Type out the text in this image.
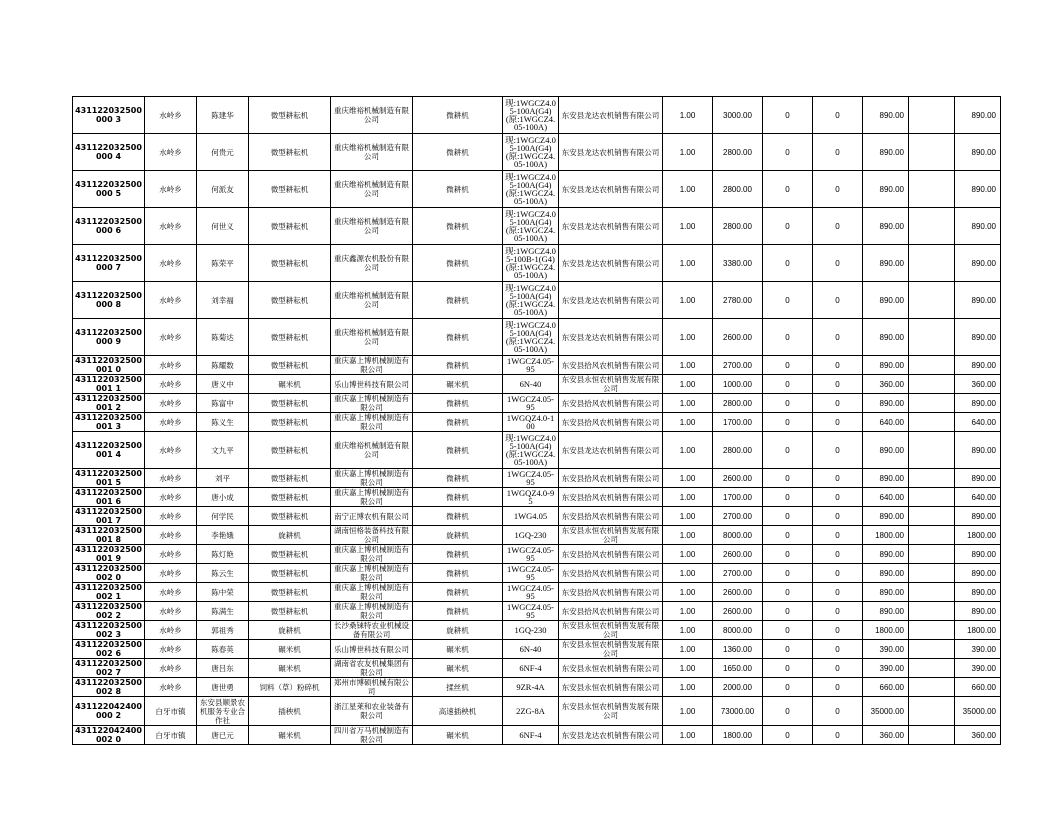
431122032500000 3	水岭乡	陈建华	微型耕耘机	重庆维裕机械制造有限公司	微耕机	现:1WGCZ4.05-100A(G4)(原:1WGCZ4.05-100A)	东安县龙达农机销售有限公司	1.00	3000.00	0	0	890.00		890.00
431122032500000 4	水岭乡	何贵元	微型耕耘机	重庆维裕机械制造有限公司	微耕机	现:1WGCZ4.05-100A(G4)(原:1WGCZ4.05-100A)	东安县龙达农机销售有限公司	1.00	2800.00	0	0	890.00		890.00
431122032500000 5	水岭乡	何派友	微型耕耘机	重庆维裕机械制造有限公司	微耕机	现:1WGCZ4.05-100A(G4)(原:1WGCZ4.05-100A)	东安县龙达农机销售有限公司	1.00	2800.00	0	0	890.00		890.00
431122032500000 6	水岭乡	何世义	微型耕耘机	重庆维裕机械制造有限公司	微耕机	现:1WGCZ4.05-100A(G4)(原:1WGCZ4.05-100A)	东安县龙达农机销售有限公司	1.00	2800.00	0	0	890.00		890.00
431122032500000 7	水岭乡	陈荣平	微型耕耘机	重庆鑫源农机股份有限公司	微耕机	现:1WGCZ4.05-100B-1(G4)(原:1WGCZ4.05-100A)	东安县龙达农机销售有限公司	1.00	3380.00	0	0	890.00		890.00
431122032500000 8	水岭乡	刘幸福	微型耕耘机	重庆维裕机械制造有限公司	微耕机	现:1WGCZ4.05-100A(G4)(原:1WGCZ4.05-100A)	东安县龙达农机销售有限公司	1.00	2780.00	0	0	890.00		890.00
431122032500000 9	水岭乡	陈菊达	微型耕耘机	重庆维裕机械制造有限公司	微耕机	现:1WGCZ4.05-100A(G4)(原:1WGCZ4.05-100A)	东安县龙达农机销售有限公司	1.00	2600.00	0	0	890.00		890.00
431122032500001 0	水岭乡	陈耀数	微型耕耘机	重庆嘉上博机械制造有限公司	微耕机	1WGCZ4.05-95	东安县拾风农机销售有限公司	1.00	2700.00	0	0	890.00		890.00
431122032500001 1	水岭乡	唐义中	碾米机	乐山博世科技有限公司	碾米机	6N-40	东安县永恒农机销售发展有限公司	1.00	1000.00	0	0	360.00		360.00
431122032500001 2	水岭乡	陈富中	微型耕耘机	重庆嘉上博机械制造有限公司	微耕机	1WGCZ4.05-95	东安县拾风农机销售有限公司	1.00	2800.00	0	0	890.00		890.00
431122032500001 3	水岭乡	陈义生	微型耕耘机	重庆嘉上博机械制造有限公司	微耕机	1WGQZ4.0-100	东安县拾风农机销售有限公司	1.00	1700.00	0	0	640.00		640.00
431122032500001 4	水岭乡	文九平	微型耕耘机	重庆维裕机械制造有限公司	微耕机	现:1WGCZ4.05-100A(G4)(原:1WGCZ4.05-100A)	东安县龙达农机销售有限公司	1.00	2800.00	0	0	890.00		890.00
431122032500001 5	水岭乡	刘平	微型耕耘机	重庆嘉上博机械制造有限公司	微耕机	1WGCZ4.05-95	东安县拾风农机销售有限公司	1.00	2600.00	0	0	890.00		890.00
431122032500001 6	水岭乡	唐小成	微型耕耘机	重庆嘉上博机械制造有限公司	微耕机	1WGQZ4.0-95	东安县拾风农机销售有限公司	1.00	1700.00	0	0	640.00		640.00
431122032500001 7	水岭乡	何学民	微型耕耘机	南宁正博农机有限公司	微耕机	1WG4.05	东安县拾风农机销售有限公司	1.00	2700.00	0	0	890.00		890.00
431122032500001 8	水岭乡	李艳娥	旋耕机	湖南恒格装备科技有限公司	旋耕机	1GQ-230	东安县永恒农机销售发展有限公司	1.00	8000.00	0	0	1800.00		1800.00
431122032500001 9	水岭乡	陈灯艳	微型耕耘机	重庆嘉上博机械制造有限公司	微耕机	1WGCZ4.05-95	东安县拾风农机销售有限公司	1.00	2600.00	0	0	890.00		890.00
431122032500002 0	水岭乡	陈云生	微型耕耘机	重庆嘉上博机械制造有限公司	微耕机	1WGCZ4.05-95	东安县拾风农机销售有限公司	1.00	2700.00	0	0	890.00		890.00
431122032500002 1	水岭乡	陈中荣	微型耕耘机	重庆嘉上博机械制造有限公司	微耕机	1WGCZ4.05-95	东安县拾风农机销售有限公司	1.00	2600.00	0	0	890.00		890.00
431122032500002 2	水岭乡	陈满生	微型耕耘机	重庆嘉上博机械制造有限公司	微耕机	1WGCZ4.05-95	东安县拾风农机销售有限公司	1.00	2600.00	0	0	890.00		890.00
431122032500002 3	水岭乡	郭祖秀	旋耕机	长沙桑铼特农业机械设备有限公司	旋耕机	1GQ-230	东安县永恒农机销售发展有限公司	1.00	8000.00	0	0	1800.00		1800.00
431122032500002 6	水岭乡	陈春英	碾米机	乐山博世科技有限公司	碾米机	6N-40	东安县永恒农机销售发展有限公司	1.00	1360.00	0	0	390.00		390.00
431122032500002 7	水岭乡	唐吕东	碾米机	湖南省农友机械集团有限公司	碾米机	6NF-4	东安县永恒农机销售有限公司	1.00	1650.00	0	0	390.00		390.00
431122032500002 8	水岭乡	唐世勇	饲料（草）粉碎机	郑州市博硕机械有限公司	揉丝机	9ZR-4A	东安县永恒农机销售有限公司	1.00	2000.00	0	0	660.00		660.00
431122042400000 2	白牙市镇	东安县顺景农机服务专业合作社	插秧机	浙江星莱和农业装备有限公司	高速插秧机	2ZG-8A	东安县永恒农机销售发展有限公司	1.00	73000.00	0	0	35000.00		35000.00
431122042400002 0	白牙市镇	唐已元	碾米机	四川省万马机械制造有限公司	碾米机	6NF-4	东安县龙达农机销售有限公司	1.00	1800.00	0	0	360.00		360.00
